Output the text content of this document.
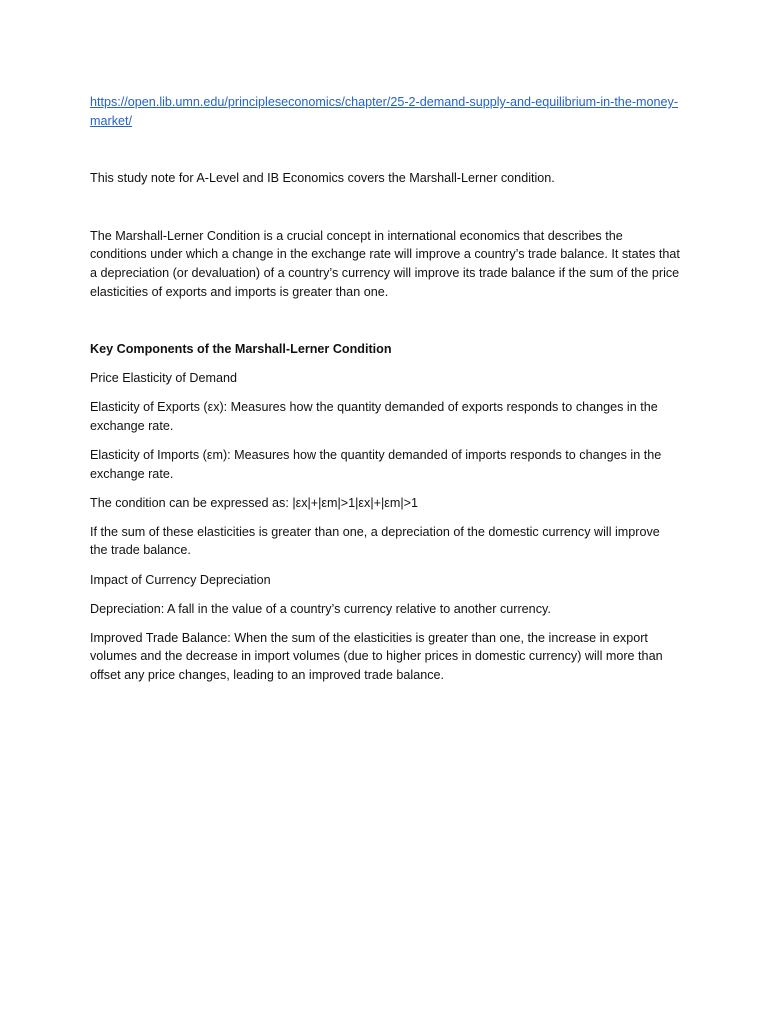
https://open.lib.umn.edu/principleseconomics/chapter/25-2-demand-supply-and-equilibrium-in-the-money-market/

This study note for A-Level and IB Economics covers the Marshall-Lerner condition.

The Marshall-Lerner Condition is a crucial concept in international economics that describes the conditions under which a change in the exchange rate will improve a country’s trade balance. It states that a depreciation (or devaluation) of a country’s currency will improve its trade balance if the sum of the price elasticities of exports and imports is greater than one.

Key Components of the Marshall-Lerner Condition

Price Elasticity of Demand

Elasticity of Exports (εx): Measures how the quantity demanded of exports responds to changes in the exchange rate.

Elasticity of Imports (εm): Measures how the quantity demanded of imports responds to changes in the exchange rate.

The condition can be expressed as: |εx|+|εm|>1|εx|+|εm|>1

If the sum of these elasticities is greater than one, a depreciation of the domestic currency will improve the trade balance.

Impact of Currency Depreciation

Depreciation: A fall in the value of a country’s currency relative to another currency.

Improved Trade Balance: When the sum of the elasticities is greater than one, the increase in export volumes and the decrease in import volumes (due to higher prices in domestic currency) will more than offset any price changes, leading to an improved trade balance.
